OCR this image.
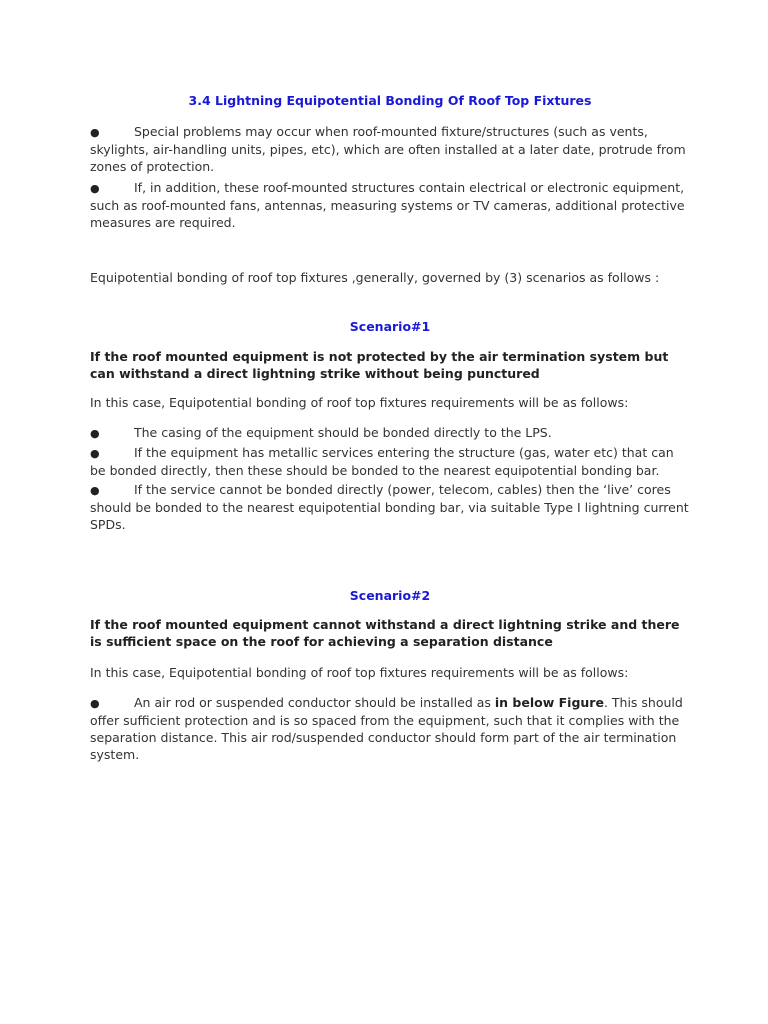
3.4 Lightning Equipotential Bonding Of Roof Top Fixtures

●	Special problems may occur when roof-mounted fixture/structures (such as vents, skylights, air-handling units, pipes, etc), which are often installed at a later date, protrude from zones of protection.

●	If, in addition, these roof-mounted structures contain electrical or electronic equipment, such as roof-mounted fans, antennas, measuring systems or TV cameras, additional protective measures are required.

Equipotential bonding of roof top fixtures ,generally, governed by (3) scenarios as follows :

Scenario#1

If the roof mounted equipment is not protected by the air termination system but can withstand a direct lightning strike without being punctured

In this case, Equipotential bonding of roof top fixtures requirements will be as follows:

●	The casing of the equipment should be bonded directly to the LPS.

●	If the equipment has metallic services entering the structure (gas, water etc) that can be bonded directly, then these should be bonded to the nearest equipotential bonding bar.

●	If the service cannot be bonded directly (power, telecom, cables) then the ‘live’ cores should be bonded to the nearest equipotential bonding bar, via suitable Type I lightning current SPDs.

Scenario#2

If the roof mounted equipment cannot withstand a direct lightning strike and there is sufficient space on the roof for achieving a separation distance

In this case, Equipotential bonding of roof top fixtures requirements will be as follows:

●	An air rod or suspended conductor should be installed as in below Figure. This should offer sufficient protection and is so spaced from the equipment, such that it complies with the separation distance. This air rod/suspended conductor should form part of the air termination system.
